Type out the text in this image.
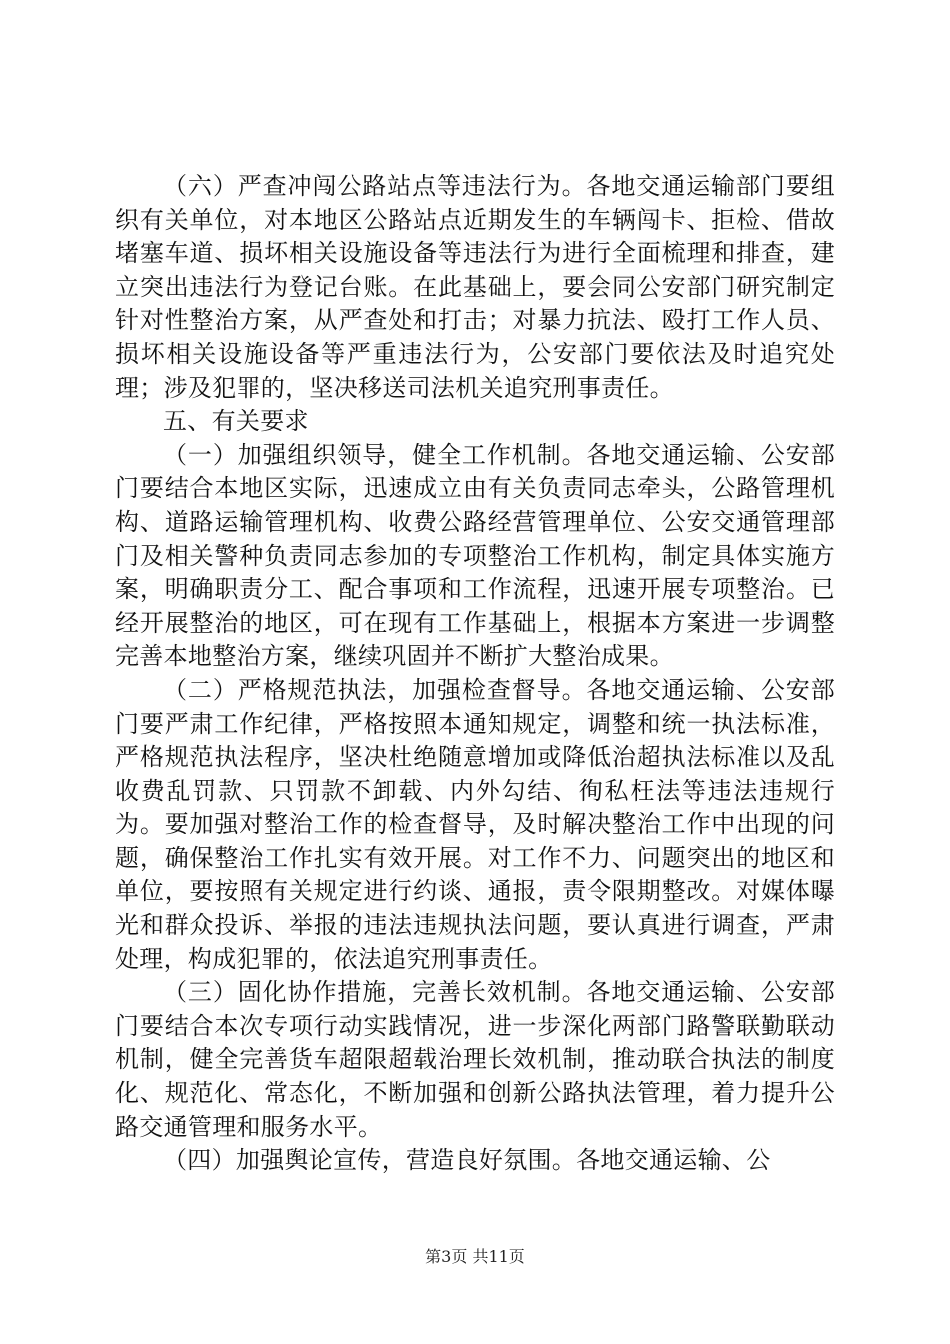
（六）严查冲闯公路站点等违法行为。各地交通运输部门要组织有关单位，对本地区公路站点近期发生的车辆闯卡、拒检、借故堵塞车道、损坏相关设施设备等违法行为进行全面梳理和排查，建立突出违法行为登记台账。在此基础上，要会同公安部门研究制定针对性整治方案，从严查处和打击；对暴力抗法、殴打工作人员、损坏相关设施设备等严重违法行为，公安部门要依法及时追究处理；涉及犯罪的，坚决移送司法机关追究刑事责任。

五、有关要求

（一）加强组织领导，健全工作机制。各地交通运输、公安部门要结合本地区实际，迅速成立由有关负责同志牵头，公路管理机构、道路运输管理机构、收费公路经营管理单位、公安交通管理部门及相关警种负责同志参加的专项整治工作机构，制定具体实施方案，明确职责分工、配合事项和工作流程，迅速开展专项整治。已经开展整治的地区，可在现有工作基础上，根据本方案进一步调整完善本地整治方案，继续巩固并不断扩大整治成果。

（二）严格规范执法，加强检查督导。各地交通运输、公安部门要严肃工作纪律，严格按照本通知规定，调整和统一执法标准，严格规范执法程序，坚决杜绝随意增加或降低治超执法标准以及乱收费乱罚款、只罚款不卸载、内外勾结、徇私枉法等违法违规行为。要加强对整治工作的检查督导，及时解决整治工作中出现的问题，确保整治工作扎实有效开展。对工作不力、问题突出的地区和单位，要按照有关规定进行约谈、通报，责令限期整改。对媒体曝光和群众投诉、举报的违法违规执法问题，要认真进行调查，严肃处理，构成犯罪的，依法追究刑事责任。

（三）固化协作措施，完善长效机制。各地交通运输、公安部门要结合本次专项行动实践情况，进一步深化两部门路警联勤联动机制，健全完善货车超限超载治理长效机制，推动联合执法的制度化、规范化、常态化，不断加强和创新公路执法管理，着力提升公路交通管理和服务水平。

（四）加强舆论宣传，营造良好氛围。各地交通运输、公

第3页 共11页
